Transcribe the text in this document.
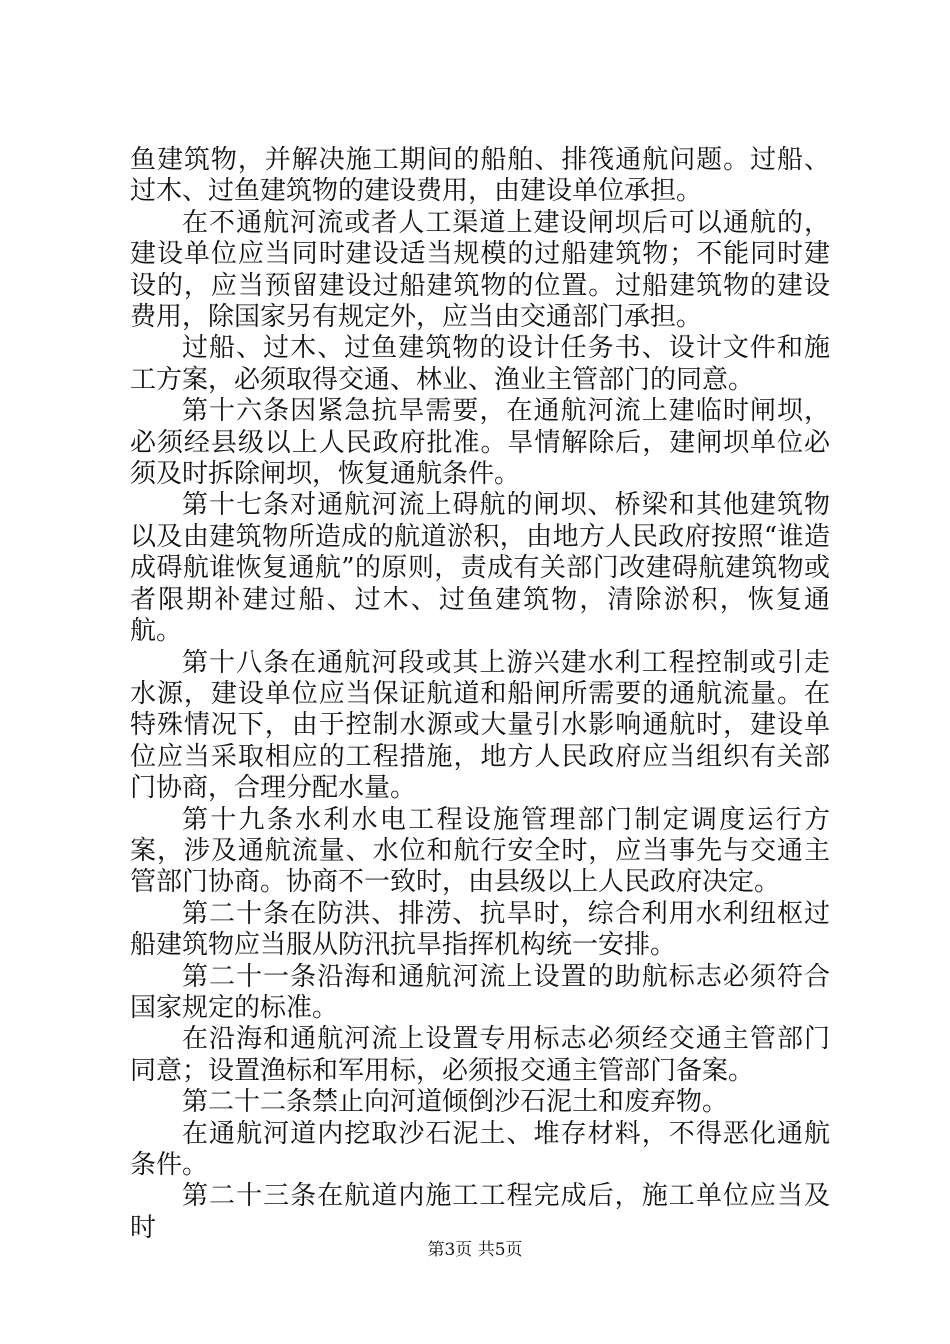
鱼建筑物，并解决施工期间的船舶、排筏通航问题。过船、过木、过鱼建筑物的建设费用，由建设单位承担。

在不通航河流或者人工渠道上建设闸坝后可以通航的，建设单位应当同时建设适当规模的过船建筑物；不能同时建设的，应当预留建设过船建筑物的位置。过船建筑物的建设费用，除国家另有规定外，应当由交通部门承担。

过船、过木、过鱼建筑物的设计任务书、设计文件和施工方案，必须取得交通、林业、渔业主管部门的同意。

第十六条因紧急抗旱需要，在通航河流上建临时闸坝，必须经县级以上人民政府批准。旱情解除后，建闸坝单位必须及时拆除闸坝，恢复通航条件。

第十七条对通航河流上碍航的闸坝、桥梁和其他建筑物以及由建筑物所造成的航道淤积，由地方人民政府按照“谁造成碍航谁恢复通航”的原则，责成有关部门改建碍航建筑物或者限期补建过船、过木、过鱼建筑物，清除淤积，恢复通航。

第十八条在通航河段或其上游兴建水利工程控制或引走水源，建设单位应当保证航道和船闸所需要的通航流量。在特殊情况下，由于控制水源或大量引水影响通航时，建设单位应当采取相应的工程措施，地方人民政府应当组织有关部门协商，合理分配水量。

第十九条水利水电工程设施管理部门制定调度运行方案，涉及通航流量、水位和航行安全时，应当事先与交通主管部门协商。协商不一致时，由县级以上人民政府决定。

第二十条在防洪、排涝、抗旱时，综合利用水利纽枢过船建筑物应当服从防汛抗旱指挥机构统一安排。

第二十一条沿海和通航河流上设置的助航标志必须符合国家规定的标准。

在沿海和通航河流上设置专用标志必须经交通主管部门同意；设置渔标和军用标，必须报交通主管部门备案。

第二十二条禁止向河道倾倒沙石泥土和废弃物。

在通航河道内挖取沙石泥土、堆存材料，不得恶化通航条件。

第二十三条在航道内施工工程完成后，施工单位应当及时

第3页 共5页
